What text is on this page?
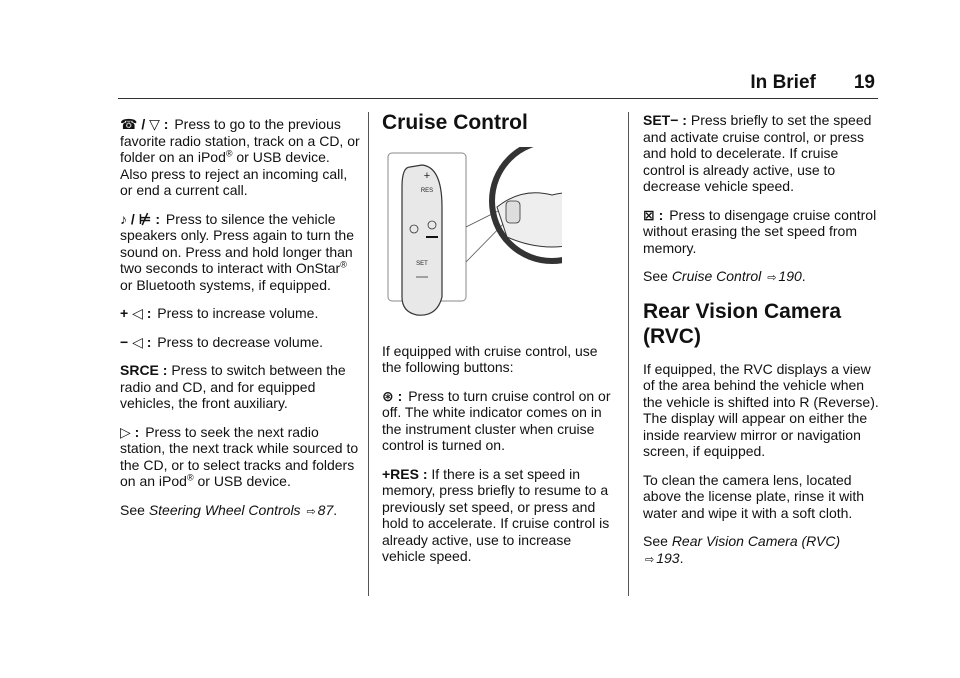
In Brief 19

☎ / ▽ : Press to go to the previous favorite radio station, track on a CD, or folder on an iPod® or USB device. Also press to reject an incoming call, or end a current call.

♪ / ⊭ : Press to silence the vehicle speakers only. Press again to turn the sound on. Press and hold longer than two seconds to interact with OnStar® or Bluetooth systems, if equipped.

+ ◁ : Press to increase volume.

− ◁ : Press to decrease volume.

SRCE : Press to switch between the radio and CD, and for equipped vehicles, the front auxiliary.

▷ : Press to seek the next radio station, the next track while sourced to the CD, or to select tracks and folders on an iPod® or USB device.

See Steering Wheel Controls ⇨ 87.

Cruise Control
+
RES
SET

If equipped with cruise control, use the following buttons:

⊛ : Press to turn cruise control on or off. The white indicator comes on in the instrument cluster when cruise control is turned on.

+RES : If there is a set speed in memory, press briefly to resume to a previously set speed, or press and hold to accelerate. If cruise control is already active, use to increase vehicle speed.

SET− : Press briefly to set the speed and activate cruise control, or press and hold to decelerate. If cruise control is already active, use to decrease vehicle speed.

⊠ : Press to disengage cruise control without erasing the set speed from memory.

See Cruise Control ⇨ 190.

Rear Vision Camera (RVC)

If equipped, the RVC displays a view of the area behind the vehicle when the vehicle is shifted into R (Reverse). The display will appear on either the inside rearview mirror or navigation screen, if equipped.

To clean the camera lens, located above the license plate, rinse it with water and wipe it with a soft cloth.

See Rear Vision Camera (RVC) ⇨ 193.
